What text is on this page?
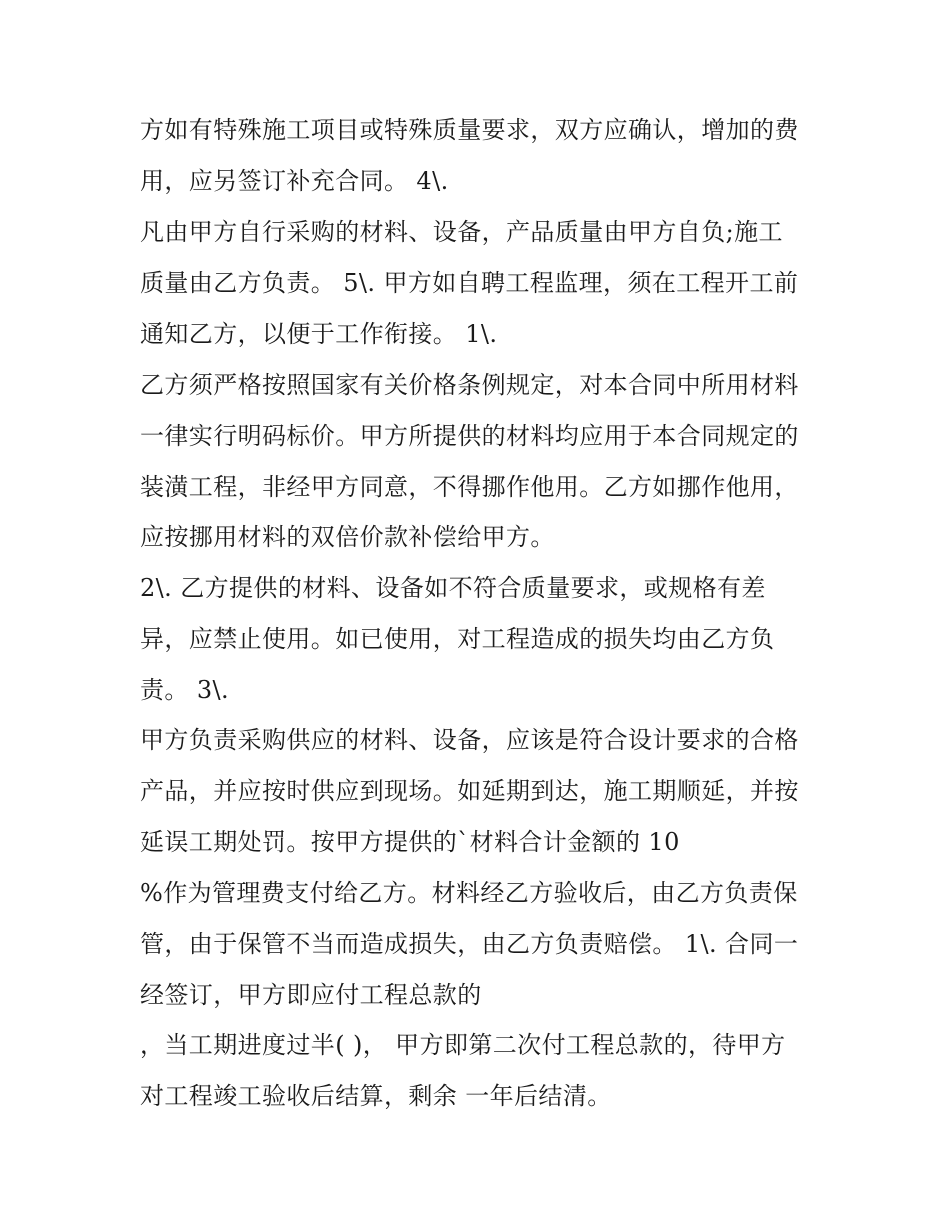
方如有特殊施工项目或特殊质量要求，双方应确认，增加的费
用，应另签订补充合同。 4\.
凡由甲方自行采购的材料、设备，产品质量由甲方自负;施工
质量由乙方负责。 5\. 甲方如自聘工程监理，须在工程开工前
通知乙方，以便于工作衔接。 1\.
乙方须严格按照国家有关价格条例规定，对本合同中所用材料
一律实行明码标价。甲方所提供的材料均应用于本合同规定的
装潢工程，非经甲方同意，不得挪作他用。乙方如挪作他用，
应按挪用材料的双倍价款补偿给甲方。
2\. 乙方提供的材料、设备如不符合质量要求，或规格有差
异，应禁止使用。如已使用，对工程造成的损失均由乙方负
责。 3\.
甲方负责采购供应的材料、设备，应该是符合设计要求的合格
产品，并应按时供应到现场。如延期到达，施工期顺延，并按
延误工期处罚。按甲方提供的`材料合计金额的 10
%作为管理费支付给乙方。材料经乙方验收后，由乙方负责保
管，由于保管不当而造成损失，由乙方负责赔偿。 1\. 合同一
经签订，甲方即应付工程总款的
，当工期进度过半( )， 甲方即第二次付工程总款的，待甲方
对工程竣工验收后结算，剩余 一年后结清。
